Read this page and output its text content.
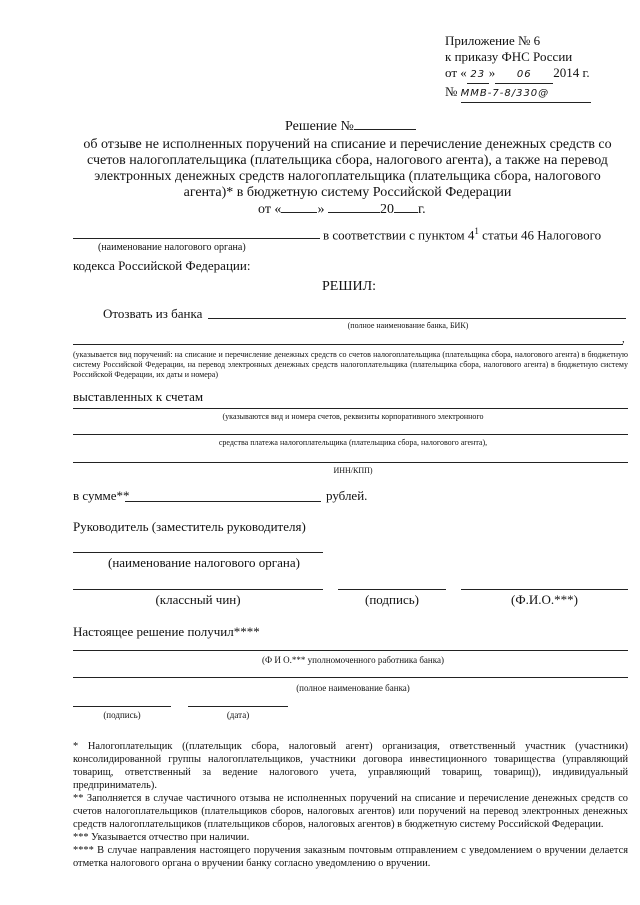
Приложение № 6
к приказу ФНС России
от « 23 » 06 2014 г.
№ ММВ-7-8/330@
Решение №
об отзыве не исполненных поручений на списание и перечисление денежных средств со счетов налогоплательщика (плательщика сбора, налогового агента), а также на перевод электронных денежных средств налогоплательщика (плательщика сбора, налогового агента)* в бюджетную систему Российской Федерации
от «	»	20 г.
в соответствии с пунктом $4^1$ статьи 46 Налогового
(наименование налогового органа)
кодекса Российской Федерации:
РЕШИЛ:
Отозвать из банка
(полное наименование банка, БИК)
,
(указывается вид поручений: на списание и перечисление денежных средств со счетов налогоплательщика (плательщика сбора, налогового агента) в бюджетную систему Российской Федерации, на перевод электронных денежных средств налогоплательщика (плательщика сбора, налогового агента) в бюджетную систему Российской Федерации, их даты и номера)
выставленных к счетам
(указываются вид и номера счетов, реквизиты корпоративного электронного
средства платежа налогоплательщика (плательщика сбора, налогового агента),
ИНН/КПП)
в сумме**	рублей.
Руководитель (заместитель руководителя)
(наименование налогового органа)
(классный чин)	(подпись)	(Ф.И.О.***)
Настоящее решение получил****
(Ф И О.*** уполномоченного работника банка)
(полное наименование банка)
(подпись)	(дата)
* Налогоплательщик ((плательщик сбора, налоговый агент) организация, ответственный участник (участники) консолидированной группы налогоплательщиков, участники договора инвестиционного товарищества (управляющий товарищ, ответственный за ведение налогового учета, управляющий товарищ, товарищ)), индивидуальный предприниматель).
** Заполняется в случае частичного отзыва не исполненных поручений на списание и перечисление денежных средств со счетов налогоплательщиков (плательщиков сборов, налоговых агентов) или поручений на перевод электронных денежных средств налогоплательщиков (плательщиков сборов, налоговых агентов) в бюджетную систему Российской Федерации.
*** Указывается отчество при наличии.
**** В случае направления настоящего поручения заказным почтовым отправлением с уведомлением о вручении делается отметка налогового органа о вручении банку согласно уведомлению о вручении.
